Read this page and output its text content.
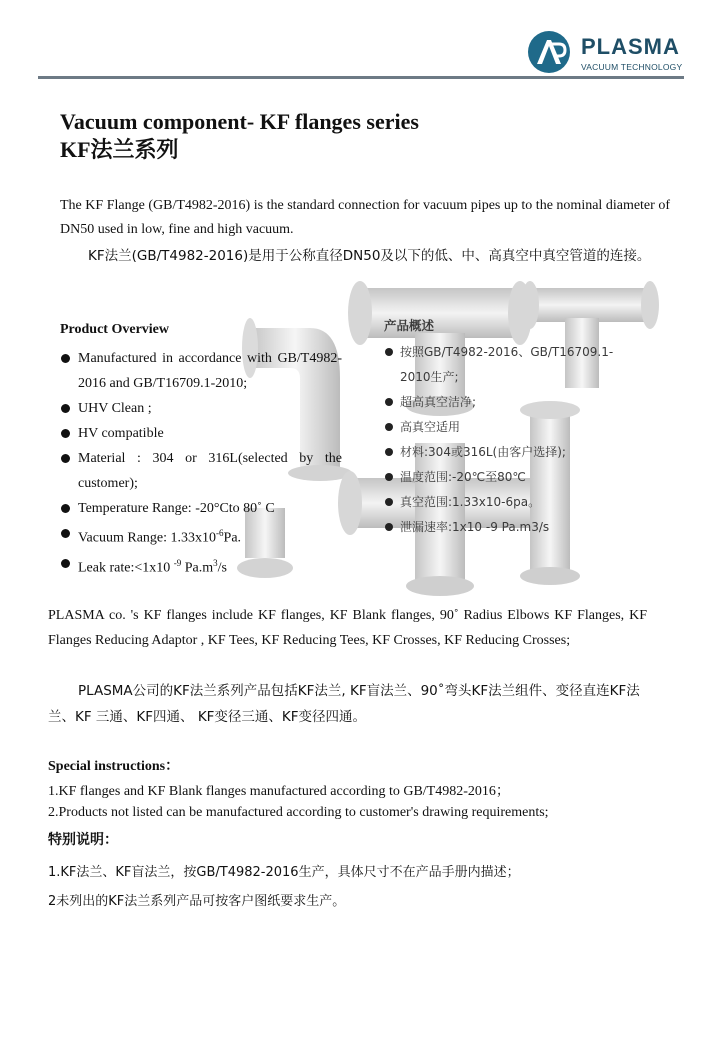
PLASMA
VACUUM TECHNOLOGY
Vacuum component- KF flanges series
KF法兰系列
The KF Flange (GB/T4982-2016) is the standard connection for vacuum pipes up to the nominal diameter of DN50 used in low, fine and high vacuum.
KF法兰(GB/T4982-2016)是用于公称直径DN50及以下的低、中、高真空中真空管道的连接。
Product Overview
Manufactured in accordance with GB/T4982-2016 and GB/T16709.1-2010;
UHV Clean ;
HV compatible
Material : 304 or 316L(selected by the customer);
Temperature Range: -20°Cto 80˚ C
Vacuum Range: $1.33x10^{-6}Pa$.
Leak rate:<1x10 $^{-9}$ $Pa.m^3/s$
产品概述
按照GB/T4982-2016、GB/T16709.1-2010生产;
超高真空洁净;
高真空适用
材料:304或316L(由客户选择);
温度范围:-20℃至80℃
真空范围:1.33x10-6pa。
泄漏速率:1x10 -9 Pa.m3/s
PLASMA co. 's KF flanges include KF flanges, KF Blank flanges, 90˚ Radius Elbows KF Flanges, KF Flanges Reducing Adaptor , KF Tees, KF Reducing Tees, KF Crosses, KF Reducing Crosses;
PLASMA公司的KF法兰系列产品包括KF法兰, KF盲法兰、90˚弯头KF法兰组件、变径直连KF法兰、KF 三通、KF四通、 KF变径三通、KF变径四通。
Special instructions：
1.KF flanges and KF Blank flanges manufactured according to GB/T4982-2016；
2.Products not listed can be manufactured according to customer's drawing requirements;
特别说明：
1.KF法兰、KF盲法兰，按GB/T4982-2016生产，具体尺寸不在产品手册内描述；
2未列出的KF法兰系列产品可按客户图纸要求生产。
